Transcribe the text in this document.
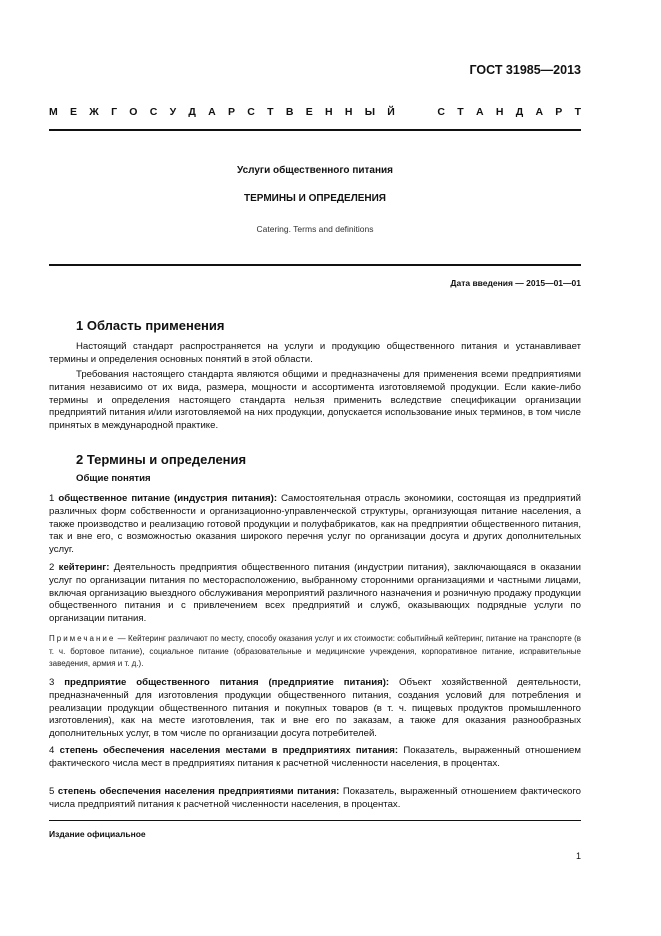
ГОСТ 31985—2013
М Е Ж Г О С У Д А Р С Т В Е Н Н Ы Й

	С Т А Н Д А Р Т
Услуги общественного питания
ТЕРМИНЫ И ОПРЕДЕЛЕНИЯ
Catering. Terms and definitions
Дата введения — 2015—01—01
1 Область применения
Настоящий стандарт распространяется на услуги и продукцию общественного питания и устанавливает термины и определения основных понятий в этой области.
Требования настоящего стандарта являются общими и предназначены для применения всеми предприятиями питания независимо от их вида, размера, мощности и ассортимента изготовляемой продукции. Если какие-либо термины и определения настоящего стандарта нельзя применить вследствие спецификации организации предприятий питания и/или изготовляемой на них продукции, допускается использование иных терминов, в том числе принятых в международной практике.
2 Термины и определения
Общие понятия
1 общественное питание (индустрия питания): Самостоятельная отрасль экономики, состоящая из предприятий различных форм собственности и организационно-управленческой структуры, организующая питание населения, а также производство и реализацию готовой продукции и полуфабрикатов, как на предприятии общественного питания, так и вне его, с возможностью оказания широкого перечня услуг по организации досуга и других дополнительных услуг.
2 кейтеринг: Деятельность предприятия общественного питания (индустрии питания), заключающаяся в оказании услуг по организации питания по месторасположению, выбранному сторонними организациями и частными лицами, включая организацию выездного обслуживания мероприятий различного назначения и розничную продажу продукции общественного питания и с привлечением всех предприятий и служб, оказывающих подрядные услуги по организации питания.
Примечание — Кейтеринг различают по месту, способу оказания услуг и их стоимости: событийный кейтеринг, питание на транспорте (в т. ч. бортовое питание), социальное питание (образовательные и медицинские учреждения, корпоративное питание, исправительные заведения, армия и т. д.).
3 предприятие общественного питания (предприятие питания): Объект хозяйственной деятельности, предназначенный для изготовления продукции общественного питания, создания условий для потребления и реализации продукции общественного питания и покупных товаров (в т. ч. пищевых продуктов промышленного изготовления), как на месте изготовления, так и вне его по заказам, а также для оказания разнообразных дополнительных услуг, в том числе по организации досуга потребителей.
4 степень обеспечения населения местами в предприятиях питания: Показатель, выраженный отношением фактического числа мест в предприятиях питания к расчетной численности населения, в процентах.
5 степень обеспечения населения предприятиями питания: Показатель, выраженный отношением фактического числа предприятий питания к расчетной численности населения, в процентах.
Издание официальное
1
